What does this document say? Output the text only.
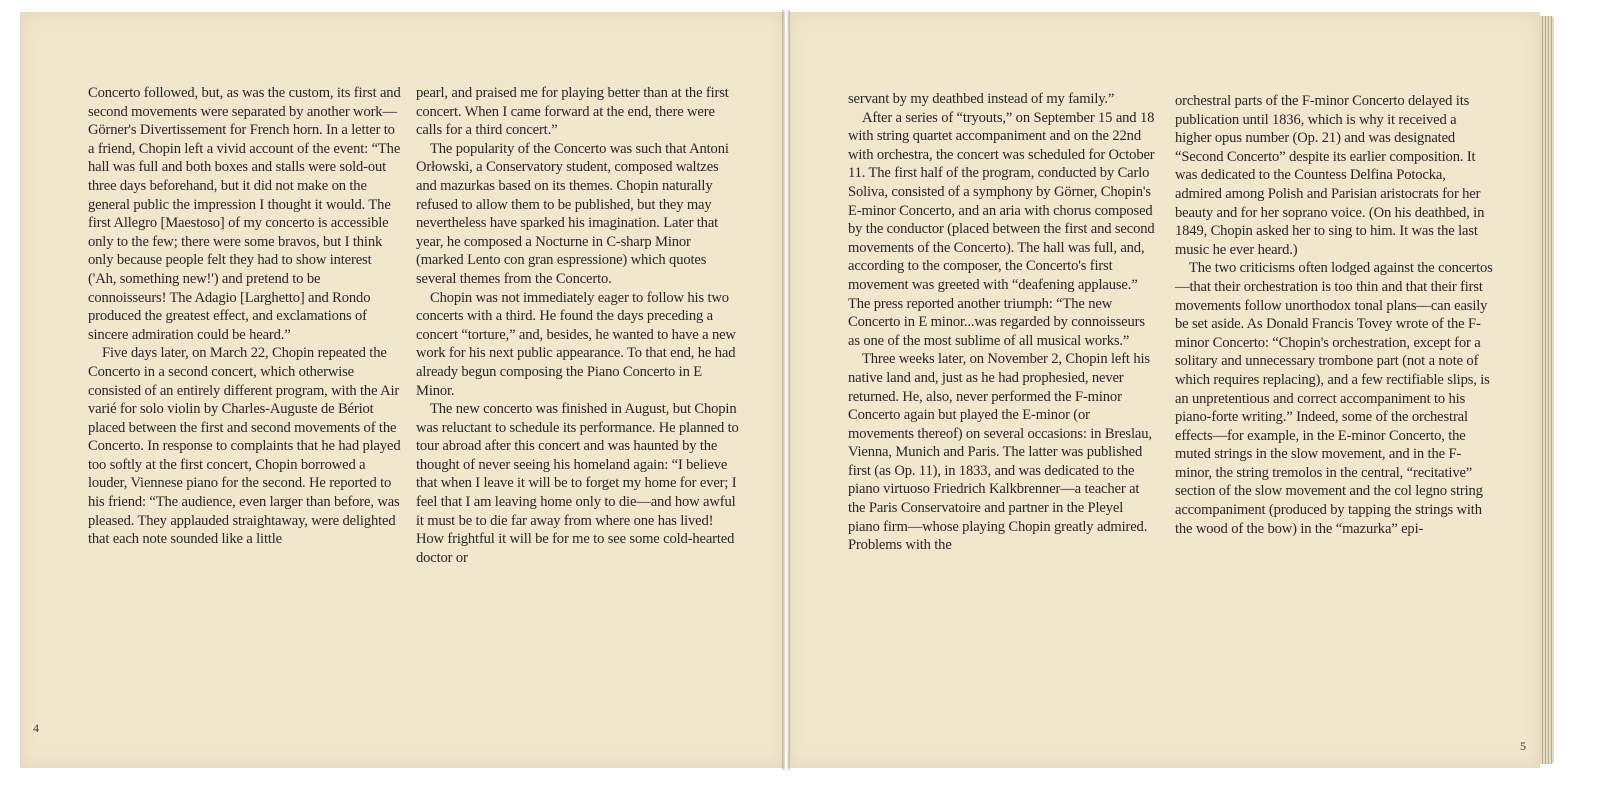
Concerto followed, but, as was the custom, its first and second movements were separated by another work—Görner's Divertissement for French horn. In a letter to a friend, Chopin left a vivid account of the event: “The hall was full and both boxes and stalls were sold-out three days beforehand, but it did not make on the general public the impression I thought it would. The first Allegro [Maestoso] of my concerto is accessible only to the few; there were some bravos, but I think only because people felt they had to show interest ('Ah, something new!') and pretend to be connoisseurs! The Adagio [Larghetto] and Rondo produced the greatest effect, and exclamations of sincere admiration could be heard.”

Five days later, on March 22, Chopin repeated the Concerto in a second concert, which otherwise consisted of an entirely different program, with the Air varié for solo violin by Charles-Auguste de Bériot placed between the first and second movements of the Concerto. In response to complaints that he had played too softly at the first concert, Chopin borrowed a louder, Viennese piano for the second. He reported to his friend: “The audience, even larger than before, was pleased. They applauded straightaway, were delighted that each note sounded like a little

pearl, and praised me for playing better than at the first concert. When I came forward at the end, there were calls for a third concert.”

The popularity of the Concerto was such that Antoni Orłowski, a Conservatory student, composed waltzes and mazurkas based on its themes. Chopin naturally refused to allow them to be published, but they may nevertheless have sparked his imagination. Later that year, he composed a Nocturne in C-sharp Minor (marked Lento con gran espressione) which quotes several themes from the Concerto.

Chopin was not immediately eager to follow his two concerts with a third. He found the days preceding a concert “torture,” and, besides, he wanted to have a new work for his next public appearance. To that end, he had already begun composing the Piano Concerto in E Minor.

The new concerto was finished in August, but Chopin was reluctant to schedule its performance. He planned to tour abroad after this concert and was haunted by the thought of never seeing his homeland again: “I believe that when I leave it will be to forget my home for ever; I feel that I am leaving home only to die—and how awful it must be to die far away from where one has lived! How frightful it will be for me to see some cold-hearted doctor or

servant by my deathbed instead of my family.”

After a series of “tryouts,” on September 15 and 18 with string quartet accompaniment and on the 22nd with orchestra, the concert was scheduled for October 11. The first half of the program, conducted by Carlo Soliva, consisted of a symphony by Görner, Chopin's E-minor Concerto, and an aria with chorus composed by the conductor (placed between the first and second movements of the Concerto). The hall was full, and, according to the composer, the Concerto's first movement was greeted with “deafening applause.” The press reported another triumph: “The new Concerto in E minor...was regarded by connoisseurs as one of the most sublime of all musical works.”

Three weeks later, on November 2, Chopin left his native land and, just as he had prophesied, never returned. He, also, never performed the F-minor Concerto again but played the E-minor (or movements thereof) on several occasions: in Breslau, Vienna, Munich and Paris. The latter was published first (as Op. 11), in 1833, and was dedicated to the piano virtuoso Friedrich Kalkbrenner—a teacher at the Paris Conservatoire and partner in the Pleyel piano firm—whose playing Chopin greatly admired. Problems with the

orchestral parts of the F-minor Concerto delayed its publication until 1836, which is why it received a higher opus number (Op. 21) and was designated “Second Concerto” despite its earlier composition. It was dedicated to the Countess Delfina Potocka, admired among Polish and Parisian aristocrats for her beauty and for her soprano voice. (On his deathbed, in 1849, Chopin asked her to sing to him. It was the last music he ever heard.)

The two criticisms often lodged against the concertos—that their orchestration is too thin and that their first movements follow unorthodox tonal plans—can easily be set aside. As Donald Francis Tovey wrote of the F-minor Concerto: “Chopin's orchestration, except for a solitary and unnecessary trombone part (not a note of which requires replacing), and a few rectifiable slips, is an unpretentious and correct accompaniment to his piano-forte writing.” Indeed, some of the orchestral effects—for example, in the E-minor Concerto, the muted strings in the slow movement, and in the F-minor, the string tremolos in the central, “recitative” section of the slow movement and the col legno string accompaniment (produced by tapping the strings with the wood of the bow) in the “mazurka” epi-

4
5
